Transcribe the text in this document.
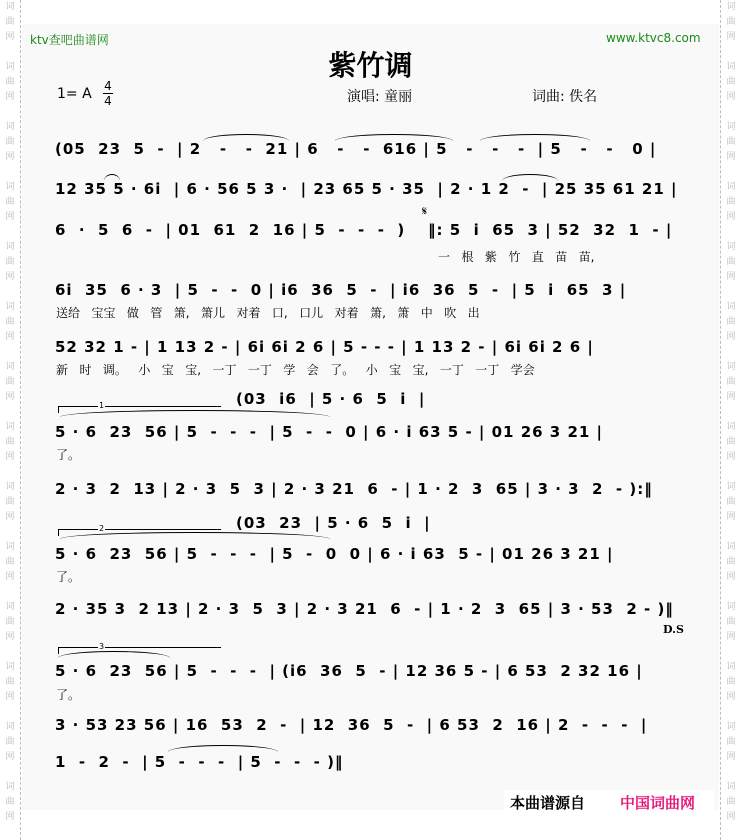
词	词
曲	曲
网	网
词	词
曲	曲
网	网
词	词
曲	曲
网	网
词	词
曲	曲
网	网
词	词
曲	曲
网	网
词	词
曲	曲
网	网
词	词
曲	曲
网	网
词	词
曲	曲
网	网
词	词
曲	曲
网	网
词	词
曲	曲
网	网
词	词
曲	曲
网	网
词	词
曲	曲
网	网
词	词
曲	曲
网	网
词	词
曲	曲
网	网
ktv查吧曲谱网	www.ktvc8.com
紫竹调
1= A 4
4	演唱: 童丽	词曲: 佚名
(05  23  5  -  | 2   -   -  21 | 6   -   -  616 | 5   -   -   -  | 5   -   -   0 |
12 35 5 · 6i  | 6 · 56 5 3 ·  | 23 65 5 · 35  | 2 · 1 2  -  | 25 35 61 21 |
6  ·  5  6  -  | 01  61  2  16 | 5  -  -  -  ) ‖: 5  i  65  3 | 52  32  1  - |
𝄋
6i  35  6 · 3  | 5  -  -  0 | i6  36  5  -  | i6  36  5  -  | 5  i  65  3 |
52 32 1 - | 1 13 2 - | 6i 6i 2 6 | 5 - - - | 1 13 2 - | 6i 6i 2 6 |
(03  i6  | 5 · 6  5  i  |
1
5 · 6  23  56 | 5  -  -  -  | 5  -  -  0 | 6 · i 63 5 - | 01 26 3 21 |
了。
2 · 3  2  13 | 2 · 3  5  3 | 2 · 3 21  6  - | 1 · 2  3  65 | 3 · 3  2  - ):‖
(03  23  | 5 · 6  5  i  |
2
5 · 6  23  56 | 5  -  -  -  | 5  -  0  0 | 6 · i 63  5 - | 01 26 3 21 |
了。
2 · 35 3  2 13 | 2 · 3  5  3 | 2 · 3 21  6  - | 1 · 2  3  65 | 3 · 53  2 - )‖
D.S
3
5 · 6  23  56 | 5  -  -  -  | (i6  36  5  - | 12 36 5 - | 6 53  2 32 16 |
了。
3 · 53 23 56 | 16  53  2  -  | 12  36  5  -  | 6 53  2  16 | 2  -  -  -  |
1  -  2  -  | 5  -  -  -  | 5  -  -  - )‖
一   根   紫   竹   直   苗   苗,
送给   宝宝   做   管   箫,   箫儿   对着   口,   口儿   对着   箫,   箫   中   吹   出
新   时   调。   小   宝   宝,   一丁   一丁   学   会   了。   小   宝   宝,   一丁   一丁   学会
本曲谱源自 中国词曲网
